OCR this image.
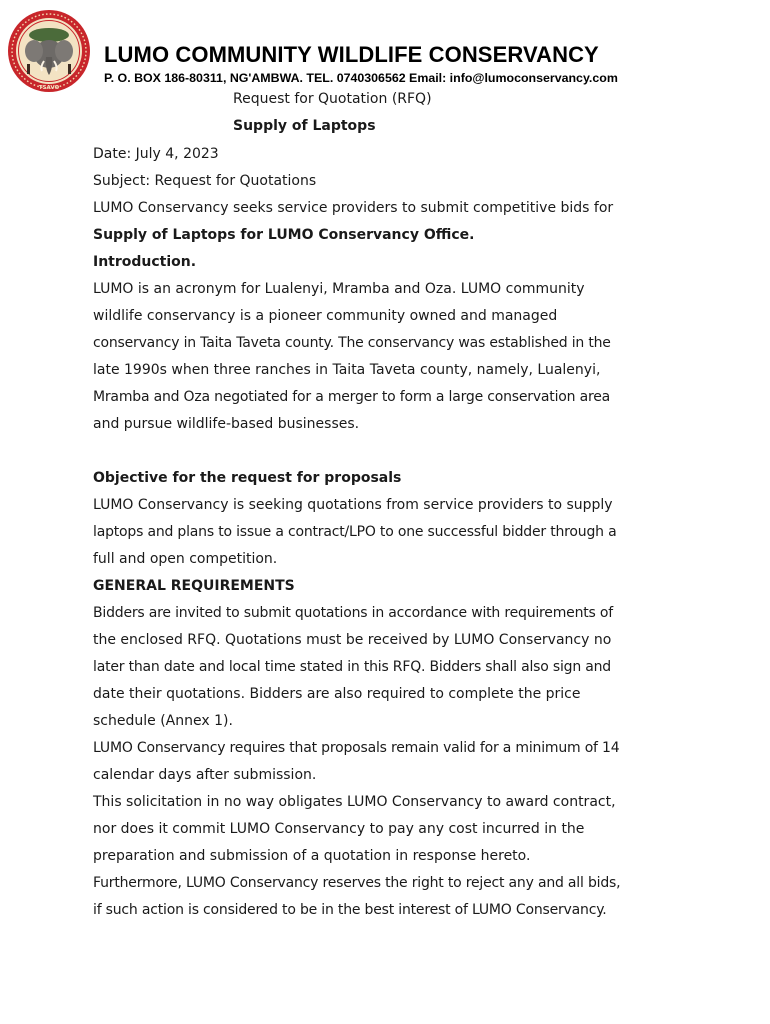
TSAVO
LUMO COMMUNITY WILDLIFE CONSERVANCY

P. O. BOX 186-80311, NG'AMBWA. TEL. 0740306562 Email: info@lumoconservancy.com

Request for Quotation (RFQ)
Supply of Laptops

Date: July 4, 2023

Subject: Request for Quotations

LUMO Conservancy seeks service providers to submit competitive bids for

Supply of Laptops for LUMO Conservancy Office.

Introduction.

LUMO is an acronym for Lualenyi, Mramba and Oza. LUMO community

wildlife conservancy is a pioneer community owned and managed

conservancy in Taita Taveta county. The conservancy was established in the

late 1990s when three ranches in Taita Taveta county, namely, Lualenyi,

Mramba and Oza negotiated for a merger to form a large conservation area

and pursue wildlife-based businesses.

Objective for the request for proposals

LUMO Conservancy is seeking quotations from service providers to supply

laptops and plans to issue a contract/LPO to one successful bidder through a

full and open competition.

GENERAL REQUIREMENTS

Bidders are invited to submit quotations in accordance with requirements of

the enclosed RFQ. Quotations must be received by LUMO Conservancy no

later than date and local time stated in this RFQ. Bidders shall also sign and

date their quotations. Bidders are also required to complete the price

schedule (Annex 1).

LUMO Conservancy requires that proposals remain valid for a minimum of 14

calendar days after submission.

This solicitation in no way obligates LUMO Conservancy to award contract,

nor does it commit LUMO Conservancy to pay any cost incurred in the

preparation and submission of a quotation in response hereto.

Furthermore, LUMO Conservancy reserves the right to reject any and all bids,

if such action is considered to be in the best interest of LUMO Conservancy.
